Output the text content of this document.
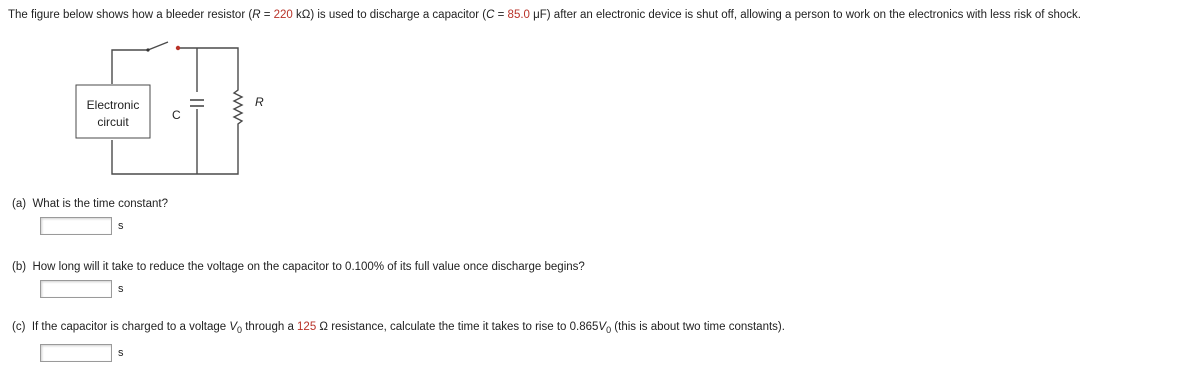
The figure below shows how a bleeder resistor (R = 220 kΩ) is used to discharge a capacitor (C = 85.0 μF) after an electronic device is shut off, allowing a person to work on the electronics with less risk of shock.
Electronic
circuit	C
R
(a) What is the time constant?
s
(b) How long will it take to reduce the voltage on the capacitor to 0.100% of its full value once discharge begins?
s
(c) If the capacitor is charged to a voltage $V_0$ through a 125 Ω resistance, calculate the time it takes to rise to $0.865V_0$ (this is about two time constants).
s
